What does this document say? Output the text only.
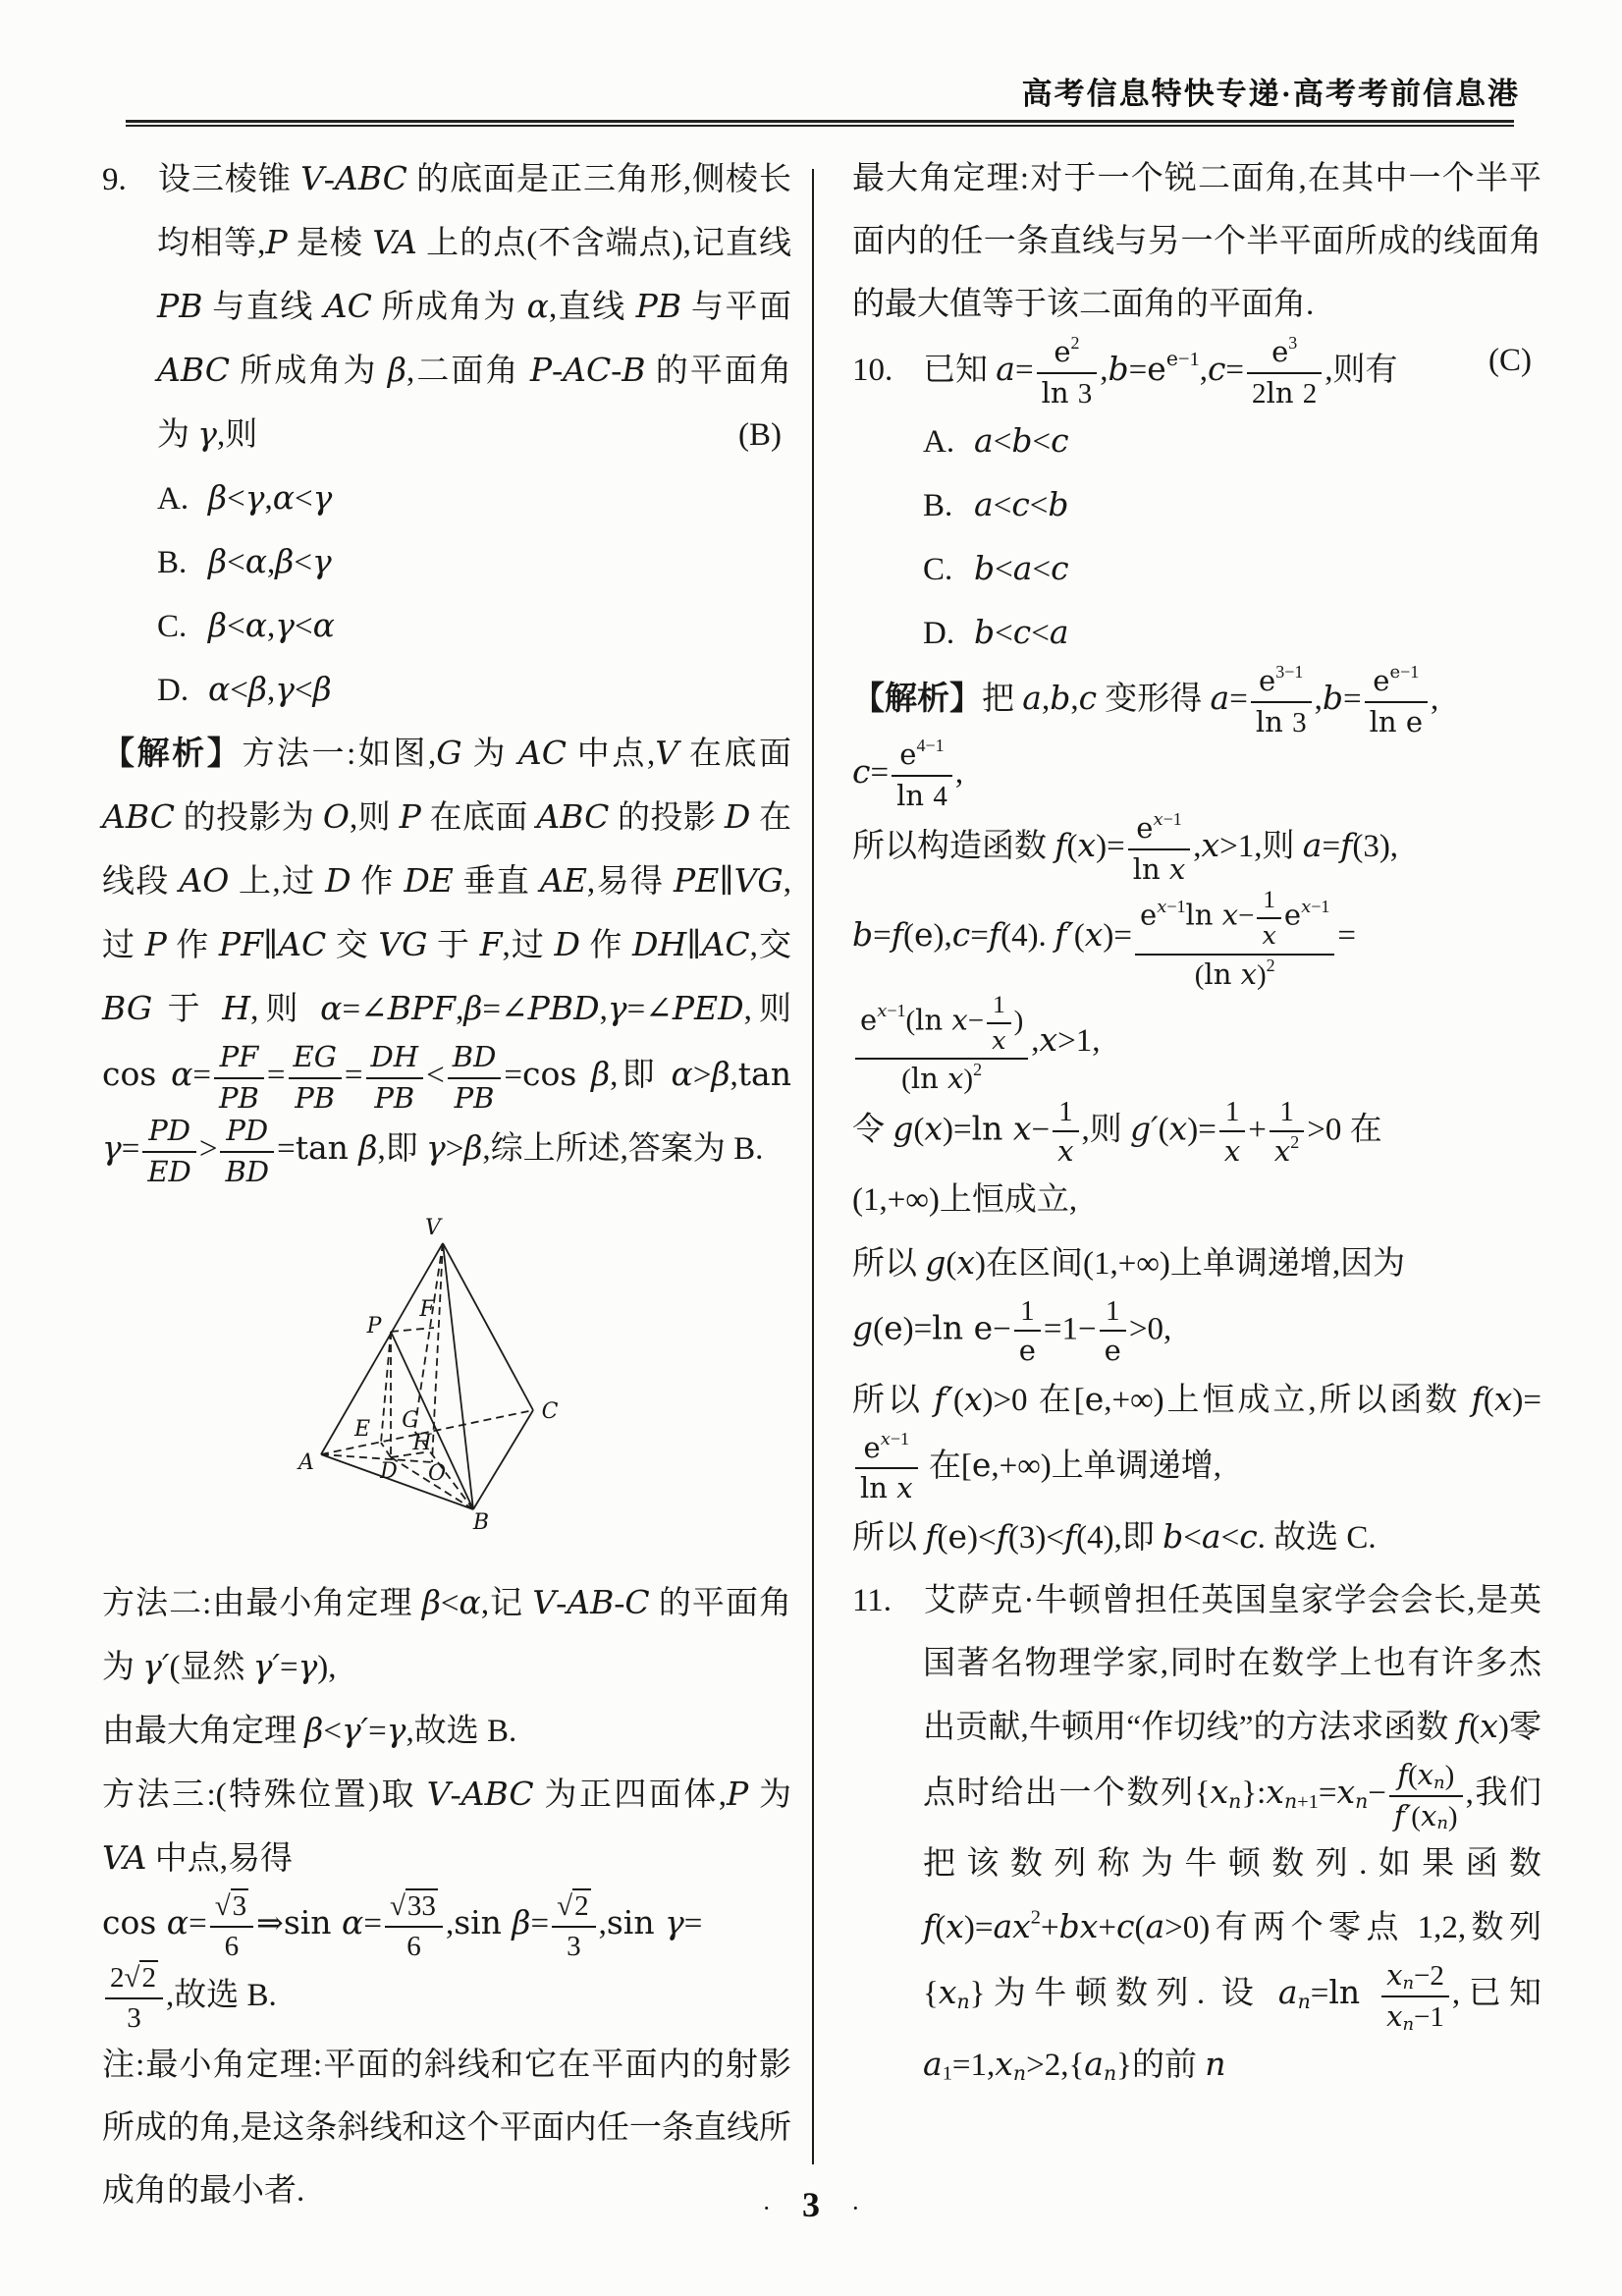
高考信息特快专递·高考考前信息港

9. 设三棱锥 V-ABC 的底面是正三角形,侧棱长均相等,P 是棱 VA 上的点(不含端点),记直线 PB 与直线 AC 所成角为 α,直线 PB 与平面 ABC 所成角为 β,二面角 P-AC-B 的平面角为 γ,则	(B)

A. β<γ,α<γ

B. β<α,β<γ

C. β<α,γ<α

D. α<β,γ<β

【解析】方法一:如图,G 为 AC 中点,V 在底面 ABC 的投影为 O,则 P 在底面 ABC 的投影 D 在线段 AO 上,过 D 作 DE 垂直 AE,易得 PE∥VG,过 P 作 PF∥AC 交 VG 于 F,过 D 作 DH∥AC,交 BG 于 H,则 α=∠BPF,β=∠PBD,γ=∠PED,则 $\cos \alpha= \frac{PF}{PB} = \frac{EG}{PB} = \frac{DH}{PB} < \frac{BD}{PB} =\cos$ β,即 α>β,tan $\gamma= \frac{PD}{ED} > \frac{PD}{BD} =\tan$ β,即 γ>β,综上所述,答案为 B.

V
P
F
C
E G
H
A	D O
B

方法二:由最小角定理 β<α,记 V-AB-C 的平面角为 γ′(显然 γ′=γ),

由最大角定理 β<γ′=γ,故选 B.

方法三:(特殊位置)取 V-ABC 为正四面体,P 为 VA 中点,易得

$\cos \alpha= \frac{√3}{6}$ ⇒sin $\alpha= \frac{√33}{6} ,\sin$ $\beta= \frac{√2}{3} ,\sin$ γ=

$\frac{2√2}{3}$ ,故选 B.

注:最小角定理:平面的斜线和它在平面内的射影所成的角,是这条斜线和这个平面内任一条直线所成角的最小者.

最大角定理:对于一个锐二面角,在其中一个半平面内的任一条直线与另一个半平面所成的线面角的最大值等于该二面角的平面角.

10. 已知 $a= \frac{e^2}{\ln 3} ,b=e^{e-1},c= \frac{e^3}{2\ln 2}$ ,则有	(C)

A. a<b<c

B. a<c<b

C. b<a<c

D. b<c<a

【解析】把 a,b,c 变形得 $a= \frac{e^{3-1}}{\ln 3} ,b= \frac{e^{e-1}}{\text{ln e}}$ ,

$c= \frac{e^{4-1}}{\ln 4}$ ,

所以构造函数 $f(x)= \frac{e^{x-1}}{\text{ln x}} ,x>1$,则 a=f(3),

b=f(e),c=f(4). $f'(x)= \frac{e^{x-1}\ln x- \frac{1}{x} e^{x-1}}{(\ln x)^2}$ =

$\frac{e^{x-1}(\ln x- \frac{1}{x} )}{(\ln x)^2} ,x>1$,

令 g(x)=ln $x- \frac{1}{x}$ ,则 $g'(x)= \frac{1}{x} + \frac{1}{x^2} >0$ 在

(1,+∞)上恒成立,

所以 g(x)在区间(1,+∞)上单调递增,因为

g(e)=ln $e- \frac{1}{e} =1- \frac{1}{e} >0$,

所以 f′(x)>0 在[e,+∞)上恒成立,所以函数 f(x)=
$\frac{e^{x-1}}{\text{ln x}}$ 在[e,+∞)上单调递增,

所以 f(e)<f(3)<f(4),即 b<a<c. 故选 C.

11. 艾萨克·牛顿曾担任英国皇家学会会长,是英国著名物理学家,同时在数学上也有许多杰出贡献,牛顿用“作切线”的方法求函数 f(x)零点时给出一个数列{xn}:xn+1=xn− $\frac{f(xn)}{f'(xn)}$ ,我们把该数列称为牛顿数列.如果函数 $f(x)=ax^2+bx+c(a>0)$有两个零点 1,2,数列{xn}为牛顿数列. 设 $an=\ln \frac{xn-2}{xn-1}$ ,已知 a1=1,xn>2,{an}的前 n

· 3 ·
